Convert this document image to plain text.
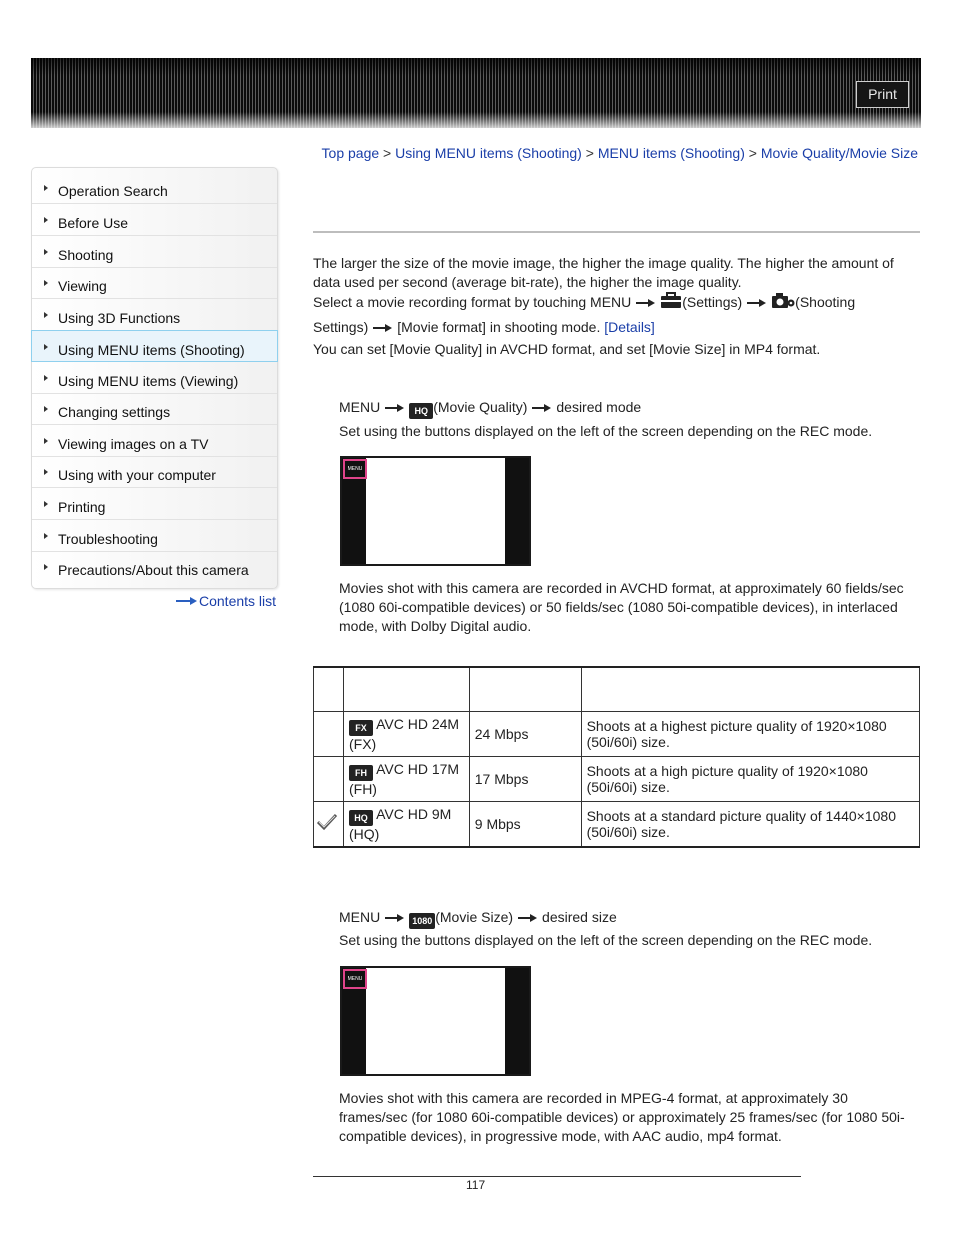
Print
Operation Search
Before Use
Shooting
Viewing
Using 3D Functions
Using MENU items (Shooting)
Using MENU items (Viewing)
Changing settings
Viewing images on a TV
Using with your computer
Printing
Troubleshooting
Precautions/About this camera
Contents list
Top page > Using MENU items (Shooting) > MENU items (Shooting) > Movie Quality/Movie Size
The larger the size of the movie image, the higher the image quality. The higher the amount of
data used per second (average bit-rate), the higher the image quality.
Select a movie recording format by touching MENU	(Settings)	(Shooting
Settings) [Movie format] in shooting mode. [Details]
You can set [Movie Quality] in AVCHD format, and set [Movie Size] in MP4 format.
MENU	HQ (Movie Quality) desired mode
Set using the buttons displayed on the left of the screen depending on the REC mode.
MENU
Movies shot with this camera are recorded in AVCHD format, at approximately 60 fields/sec
(1080 60i-compatible devices) or 50 fields/sec (1080 50i-compatible devices), in interlaced
mode, with Dolby Digital audio.

	FX AVC HD 24M
(FX)	24 Mbps	Shoots at a highest picture quality of 1920×1080
(50i/60i) size.
	FH AVC HD 17M
(FH)	17 Mbps	Shoots at a high picture quality of 1920×1080
(50i/60i) size.
	HQ AVC HD 9M
(HQ)	9 Mbps	Shoots at a standard picture quality of 1440×1080
(50i/60i) size.
MENU	1080 (Movie Size) desired size
Set using the buttons displayed on the left of the screen depending on the REC mode.
MENU
Movies shot with this camera are recorded in MPEG-4 format, at approximately 30
frames/sec (for 1080 60i-compatible devices) or approximately 25 frames/sec (for 1080 50i-
compatible devices), in progressive mode, with AAC audio, mp4 format.
117
